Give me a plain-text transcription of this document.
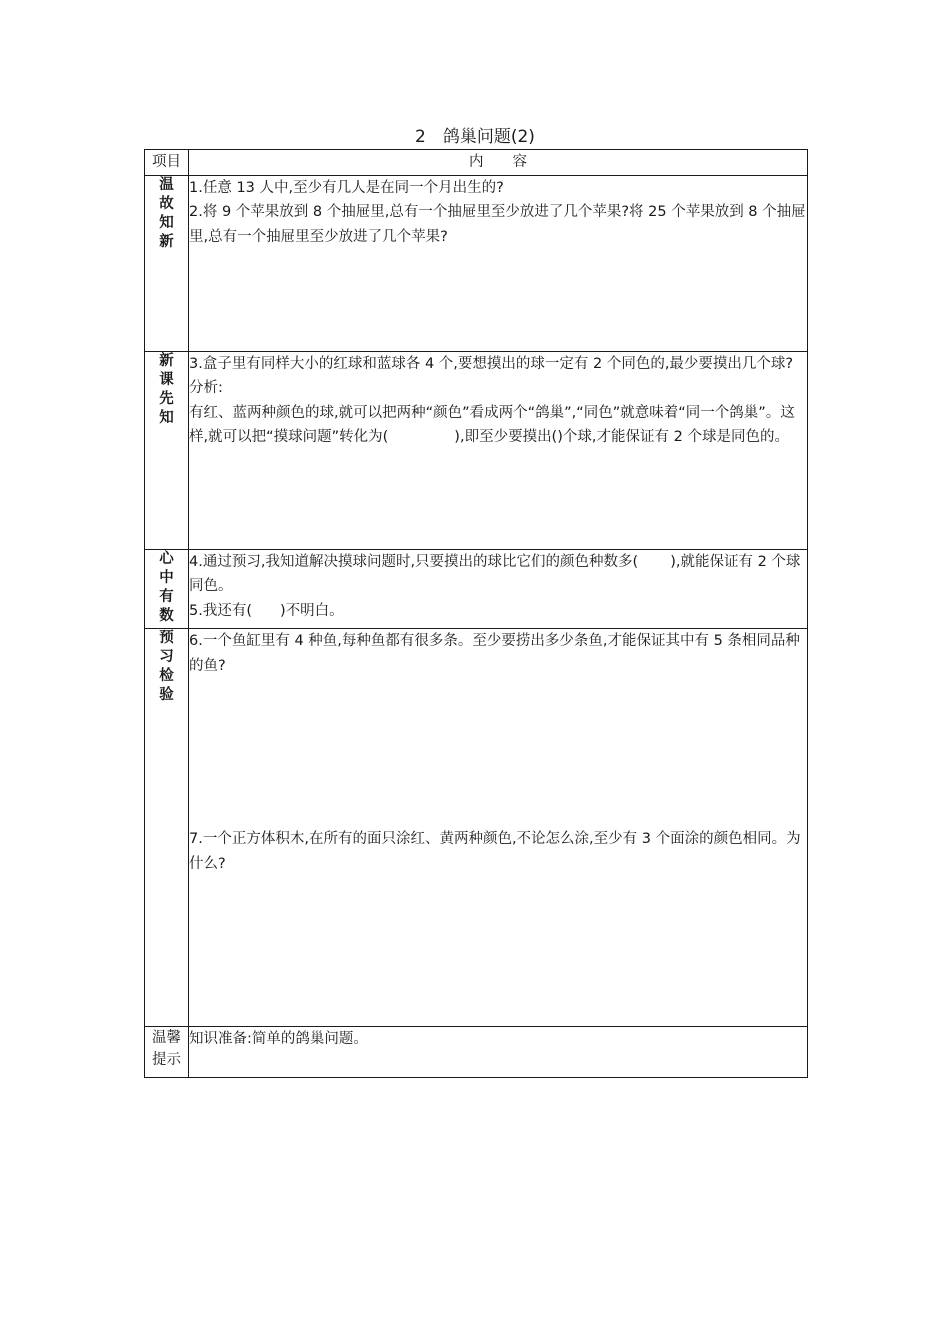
2　鸽巢问题(2)
项目	内　　容
温故知新	1.任意 13 人中,至少有几人是在同一个月出生的?

2.将 9 个苹果放到 8 个抽屉里,总有一个抽屉里至少放进了几个苹果?将 25 个苹果放到 8 个抽屉里,总有一个抽屉里至少放进了几个苹果?

新课先知	3.盒子里有同样大小的红球和蓝球各 4 个,要想摸出的球一定有 2 个同色的,最少要摸出几个球?

分析:

有红、蓝两种颜色的球,就可以把两种“颜色”看成两个“鸽巢”,“同色”就意味着“同一个鸽巢”。这样,就可以把“摸球问题”转化为( ),即至少要摸出()个球,才能保证有 2 个球是同色的。

心中有数	4.通过预习,我知道解决摸球问题时,只要摸出的球比它们的颜色种数多( ),就能保证有 2 个球同色。

5.我还有( )不明白。

预习检验	6.一个鱼缸里有 4 种鱼,每种鱼都有很多条。至少要捞出多少条鱼,才能保证其中有 5 条相同品种的鱼?

7.一个正方体积木,在所有的面只涂红、黄两种颜色,不论怎么涂,至少有 3 个面涂的颜色相同。为什么?

温馨提示	知识准备:简单的鸽巢问题。
